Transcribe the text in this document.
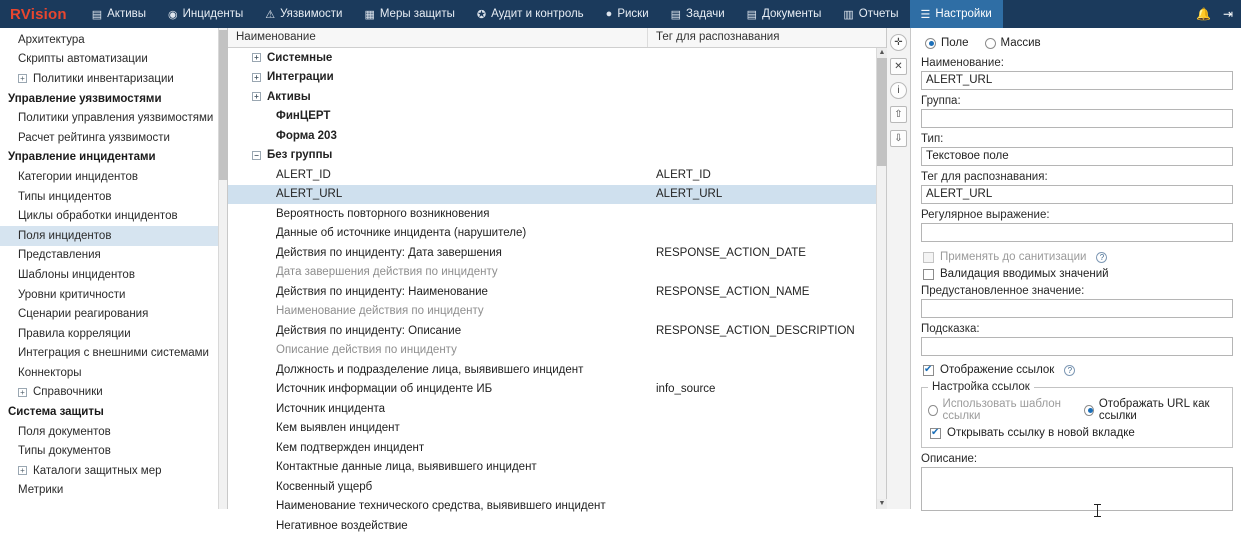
RVision ▤ Активы ◉ Инциденты ⚠ Уязвимости ▦ Меры защиты ✪ Аудит и контроль ● Риски ▤ Задачи ▤ Документы ▥ Отчеты ☰ Настройки	🔔 ⇥
Архитектура
Скрипты автоматизации
+ Политики инвентаризации
Управление уязвимостями
Политики управления уязвимостями
Расчет рейтинга уязвимости
Управление инцидентами
Категории инцидентов
Типы инцидентов
Циклы обработки инцидентов
Поля инцидентов
Представления
Шаблоны инцидентов
Уровни критичности
Сценарии реагирования
Правила корреляции
Интеграция с внешними системами
Коннекторы
+ Справочники
Система защиты
Поля документов
Типы документов
+ Каталоги защитных мер
Метрики
Наименование	Тег для распознавания
+ Системные
+ Интеграции
+ Активы
ФинЦЕРТ
Форма 203
− Без группы
ALERT_ID	ALERT_ID
ALERT_URL	ALERT_URL
Вероятность повторного возникновения
Данные об источнике инцидента (нарушителе)
Действия по инциденту: Дата завершения	RESPONSE_ACTION_DATE
Дата завершения действия по инциденту
Действия по инциденту: Наименование	RESPONSE_ACTION_NAME
Наименование действия по инциденту
Действия по инциденту: Описание	RESPONSE_ACTION_DESCRIPTION
Описание действия по инциденту
Должность и подразделение лица, выявившего инцидент
Источник информации об инциденте ИБ	info_source
Источник инцидента
Кем выявлен инцидент
Кем подтвержден инцидент
Контактные данные лица, выявившего инцидент
Косвенный ущерб
Наименование технического средства, выявившего инцидент
Негативное воздействие
▲
▼
✛
✕
i
⇧
⇩
Поле	Массив
Наименование:
ALERT_URL
Группа:
Тип:
Текстовое поле
Тег для распознавания:
ALERT_URL
Регулярное выражение:
Применять до санитизации	?
Валидация вводимых значений
Предустановленное значение:
Подсказка:
✔
Отображение ссылок	?
Настройка ссылок
Использовать шаблон ссылки
Отображать URL как ссылки
✔
Открывать ссылку в новой вкладке
Описание:
